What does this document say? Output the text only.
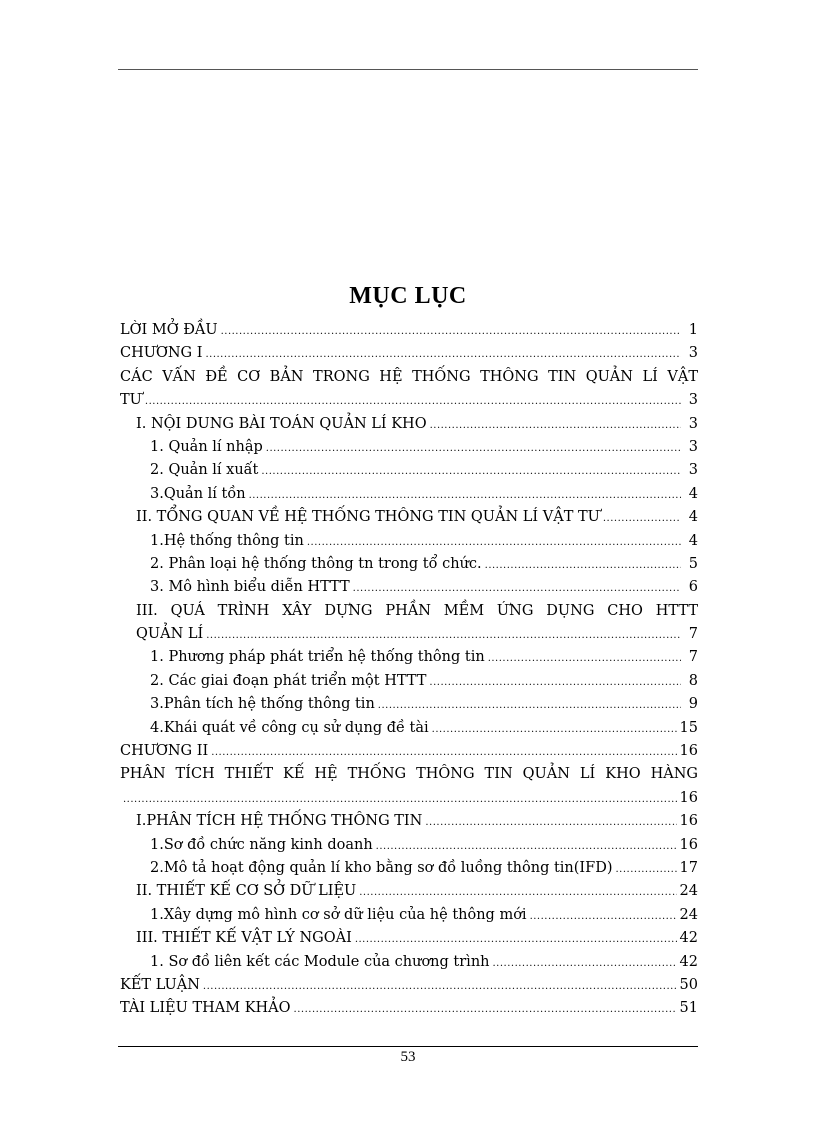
MỤC LỤC
LỜI MỞ ĐẦU .....	1
CHƯƠNG I .....	3
CÁC VẤN ĐỀ CƠ BẢN TRONG HỆ THỐNG THÔNG TIN QUẢN LÍ VẬT
TƯ .....	3
I. NỘI DUNG BÀI TOÁN QUẢN LÍ KHO .....	3
1. Quản lí nhập .....	3
2. Quản lí xuất .....	3
3.Quản lí tồn .....	4
II. TỔNG QUAN VỀ HỆ THỐNG THÔNG TIN QUẢN LÍ VẬT TƯ .....	4
1.Hệ thống thông tin .....	4
2. Phân loại hệ thống thông tn trong tổ chức. .....	5
3. Mô hình biểu diễn HTTT .....	6
III. QUÁ TRÌNH XÂY DỰNG PHẦN MỀM ỨNG DỤNG CHO HTTT
QUẢN LÍ .....	7
1. Phương pháp phát triển hệ thống thông tin .....	7
2. Các giai đoạn phát triển một HTTT .....	8
3.Phân tích hệ thống thông tin .....	9
4.Khái quát về công cụ sử dụng đề tài .....	15
CHƯƠNG II .....	16
PHÂN TÍCH THIẾT KẾ HỆ THỐNG THÔNG TIN QUẢN LÍ KHO HÀNG
.....
16
I.PHÂN TÍCH HỆ THỐNG THÔNG TIN .....	16
1.Sơ đồ chức năng kinh doanh .....	16
2.Mô tả hoạt động quản lí kho bằng sơ đồ luồng thông tin(IFD) .....	17
II. THIẾT KẾ CƠ SỞ DỮ LIỆU .....	24
1.Xây dựng mô hình cơ sở dữ liệu của hệ thông mới .....	24
III. THIẾT KẾ VẬT LÝ NGOÀI .....	42
1. Sơ đồ liên kết các Module của chương trình .....	42
KẾT LUẬN .....	50
TÀI LIỆU THAM KHẢO .....	51
53
